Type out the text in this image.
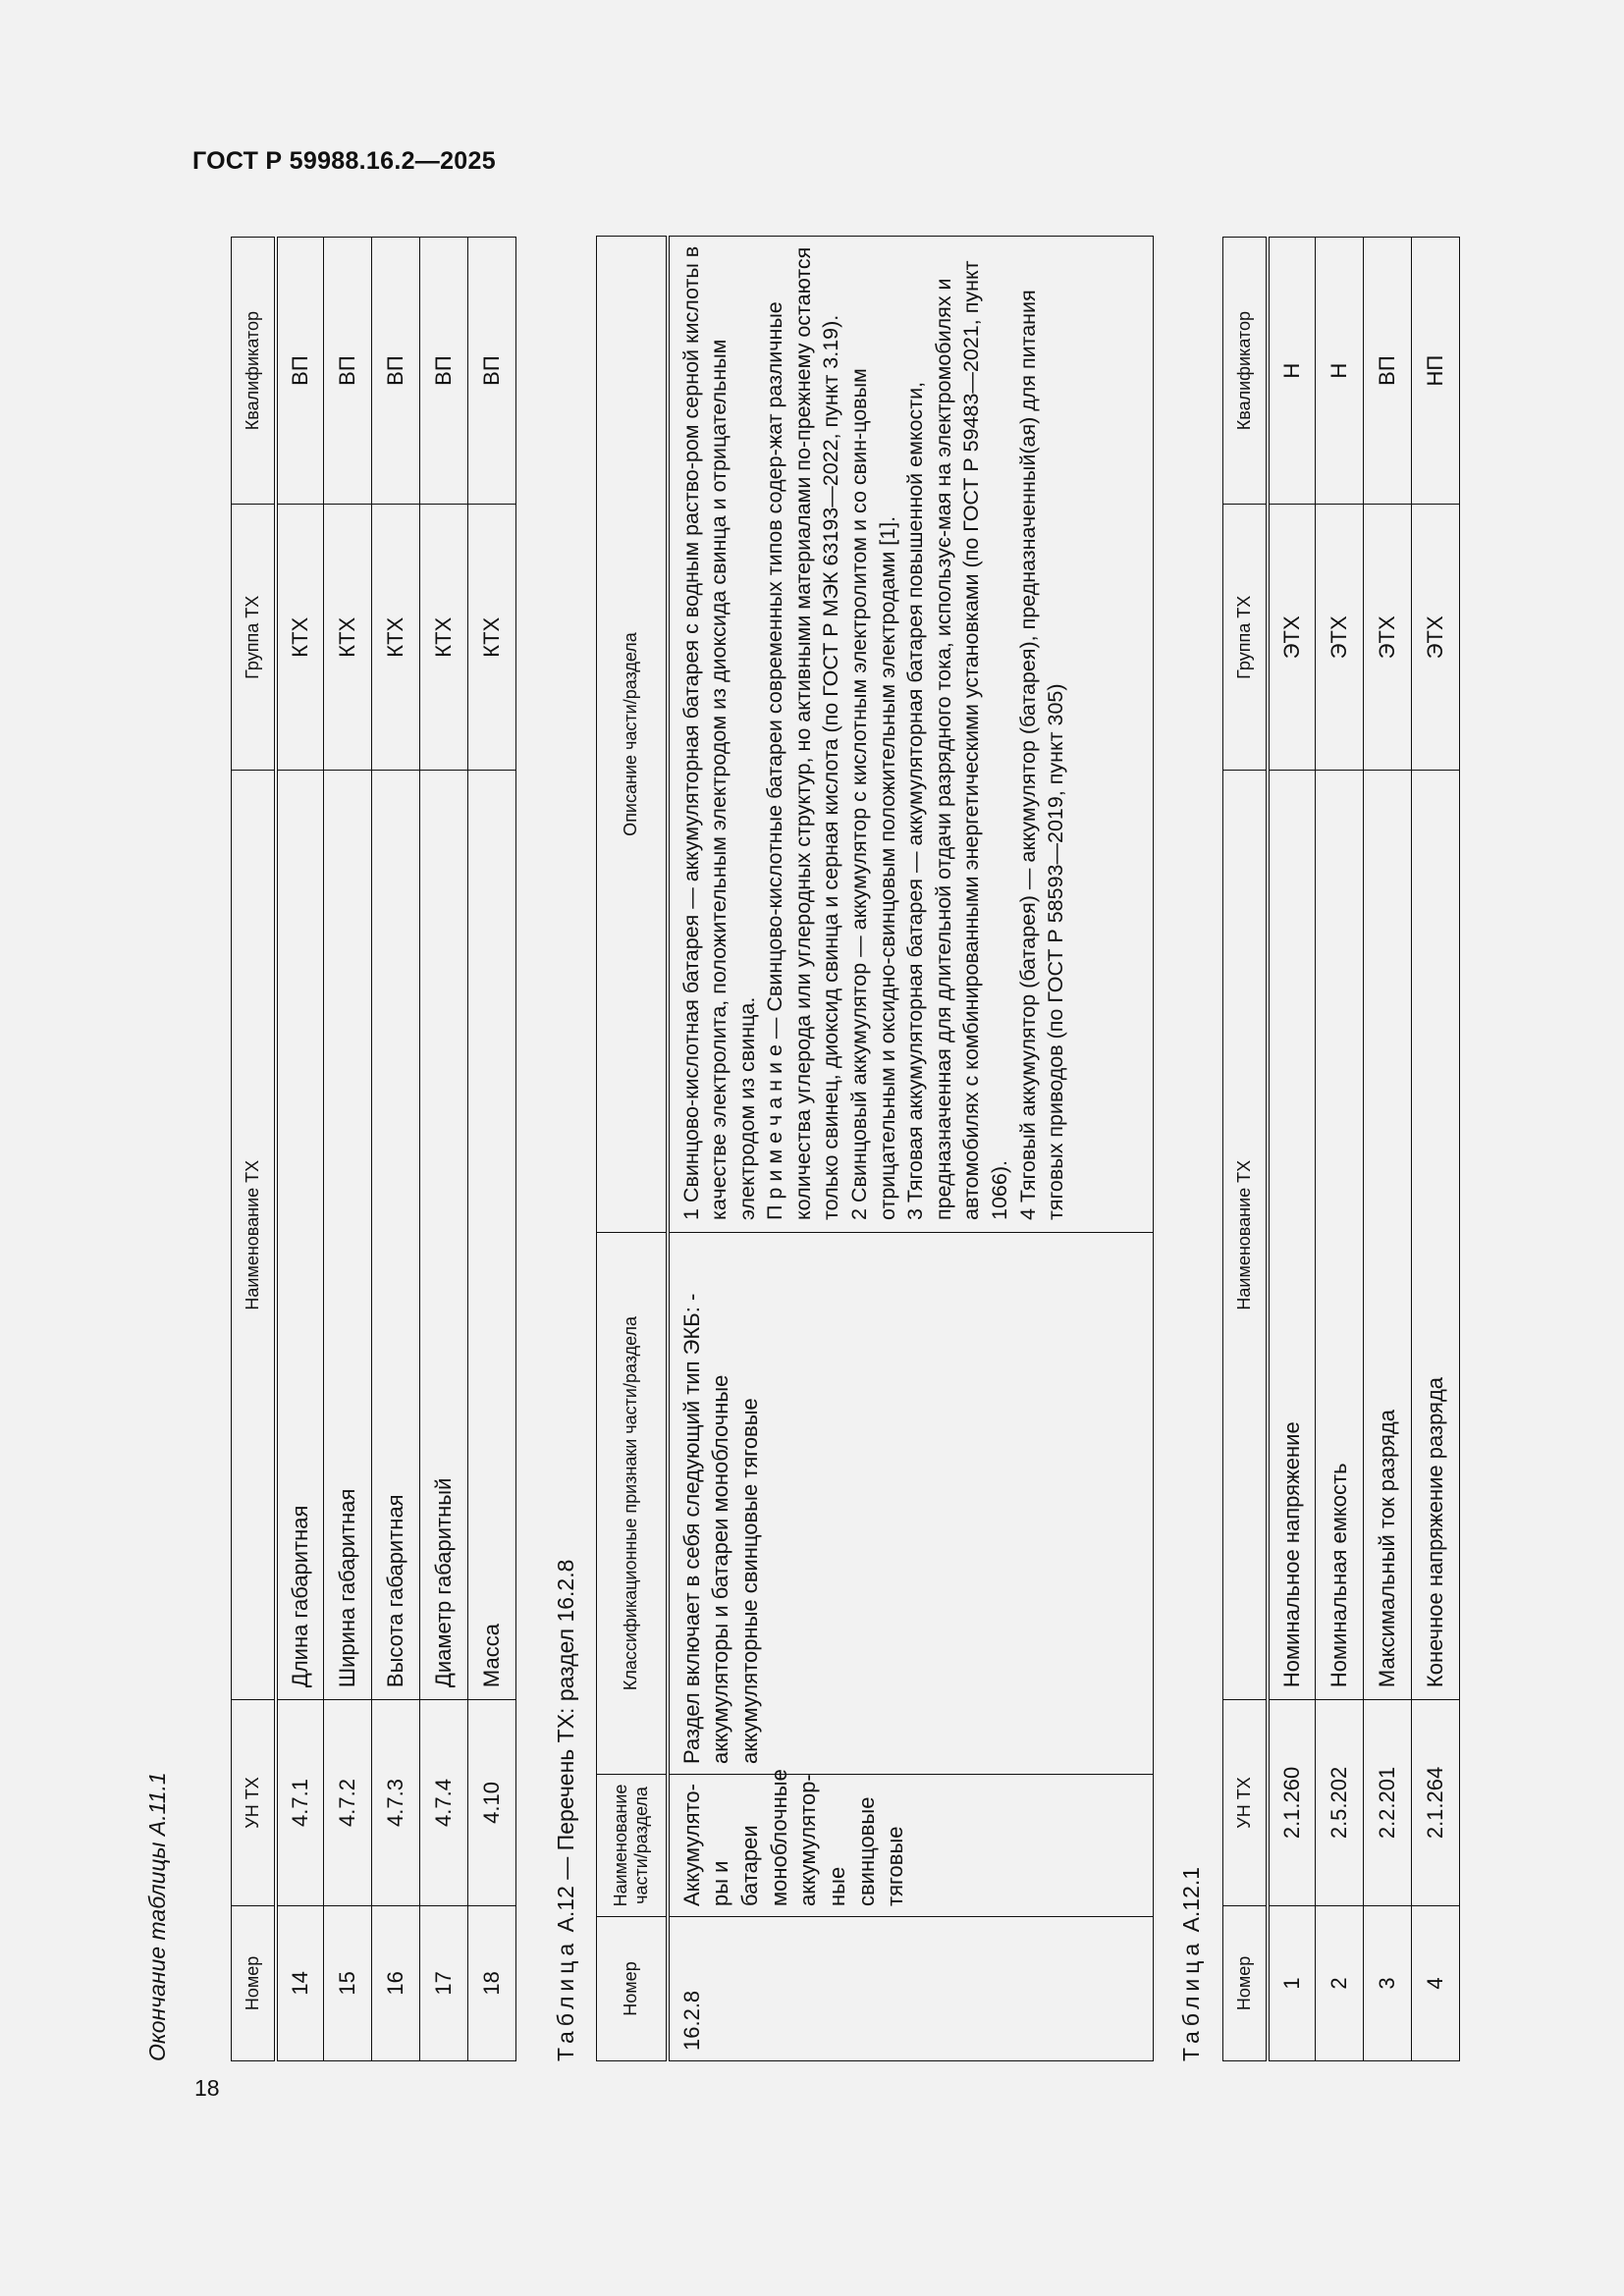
ГОСТ Р 59988.16.2—2025
18
Окончание таблицы А.11.1	Номер	УН ТХ	Наименование ТХ	Группа ТХ	Квалификатор
14	4.7.1	Длина габаритная	КТХ	ВП
15	4.7.2	Ширина габаритная	КТХ	ВП
16	4.7.3	Высота габаритная	КТХ	ВП
17	4.7.4	Диаметр габаритный	КТХ	ВП
18	4.10	Масса	КТХ	ВП
Таблица А.12 — Перечень ТХ: раздел 16.2.8
Номер	Наименование части/раздела	Классификационные признаки части/раздела	Описание части/раздела
16.2.8	Аккумулято-ры и батареи моноблочные аккумулятор-ные свинцовые тяговые	Раздел включает в себя следующий тип ЭКБ: - аккумуляторы и батареи моноблочные аккумуляторные свинцовые тяговые	1 Свинцово-кислотная батарея — аккумуляторная батарея с водным раство-ром серной кислоты в качестве электролита, положительным электродом из диоксида свинца и отрицательным электродом из свинца. П р и м е ч а н и е — Свинцово-кислотные батареи современных типов содер-жат различные количества углерода или углеродных структур, но активными материалами по-прежнему остаются только свинец, диоксид свинца и серная кислота (по ГОСТ Р МЭК 63193—2022, пункт 3.19). 2 Свинцовый аккумулятор — аккумулятор с кислотным электролитом и со свин-цовым отрицательным и оксидно-свинцовым положительным электродами [1]. 3 Тяговая аккумуляторная батарея — аккумуляторная батарея повышенной емкости, предназначенная для длительной отдачи разрядного тока, использує-мая на электромобилях и автомобилях с комбинированными энергетическими установками (по ГОСТ Р 59483—2021, пункт 1066). 4 Тяговый аккумулятор (батарея) — аккумулятор (батарея), предназначенный(ая) для питания тяговых приводов (по ГОСТ Р 58593—2019, пункт 305)

Таблица А.12.1
Номер	УН ТХ	Наименование ТХ	Группа ТХ	Квалификатор
1	2.1.260	Номинальное напряжение	ЭТХ	Н
2	2.5.202	Номинальная емкость	ЭТХ	Н
3	2.2.201	Максимальный ток разряда	ЭТХ	ВП
4	2.1.264	Конечное напряжение разряда	ЭТХ	НП
